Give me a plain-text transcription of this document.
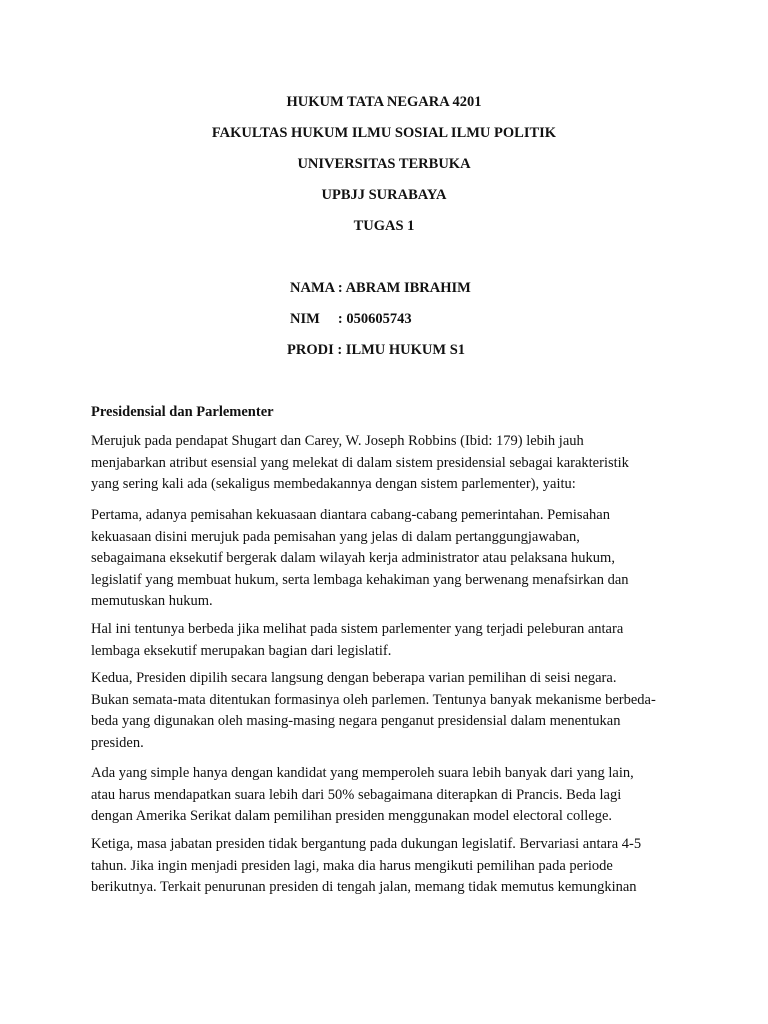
HUKUM TATA NEGARA 4201

FAKULTAS HUKUM ILMU SOSIAL ILMU POLITIK

UNIVERSITAS TERBUKA

UPBJJ SURABAYA

TUGAS 1

NAMA : ABRAM IBRAHIM

NIM     : 050605743

PRODI : ILMU HUKUM S1

Presidensial dan Parlementer

Merujuk pada pendapat Shugart dan Carey, W. Joseph Robbins (Ibid: 179) lebih jauh
menjabarkan atribut esensial yang melekat di dalam sistem presidensial sebagai karakteristik
yang sering kali ada (sekaligus membedakannya dengan sistem parlementer), yaitu:
Pertama, adanya pemisahan kekuasaan diantara cabang-cabang pemerintahan. Pemisahan
kekuasaan disini merujuk pada pemisahan yang jelas di dalam pertanggungjawaban,
sebagaimana eksekutif bergerak dalam wilayah kerja administrator atau pelaksana hukum,
legislatif yang membuat hukum, serta lembaga kehakiman yang berwenang menafsirkan dan
memutuskan hukum.
Hal ini tentunya berbeda jika melihat pada sistem parlementer yang terjadi peleburan antara
lembaga eksekutif merupakan bagian dari legislatif.
Kedua, Presiden dipilih secara langsung dengan beberapa varian pemilihan di seisi negara.
Bukan semata-mata ditentukan formasinya oleh parlemen. Tentunya banyak mekanisme berbeda-
beda yang digunakan oleh masing-masing negara penganut presidensial dalam menentukan
presiden.
Ada yang simple hanya dengan kandidat yang memperoleh suara lebih banyak dari yang lain,
atau harus mendapatkan suara lebih dari 50% sebagaimana diterapkan di Prancis. Beda lagi
dengan Amerika Serikat dalam pemilihan presiden menggunakan model electoral college.
Ketiga, masa jabatan presiden tidak bergantung pada dukungan legislatif. Bervariasi antara 4-5
tahun. Jika ingin menjadi presiden lagi, maka dia harus mengikuti pemilihan pada periode
berikutnya. Terkait penurunan presiden di tengah jalan, memang tidak memutus kemungkinan
